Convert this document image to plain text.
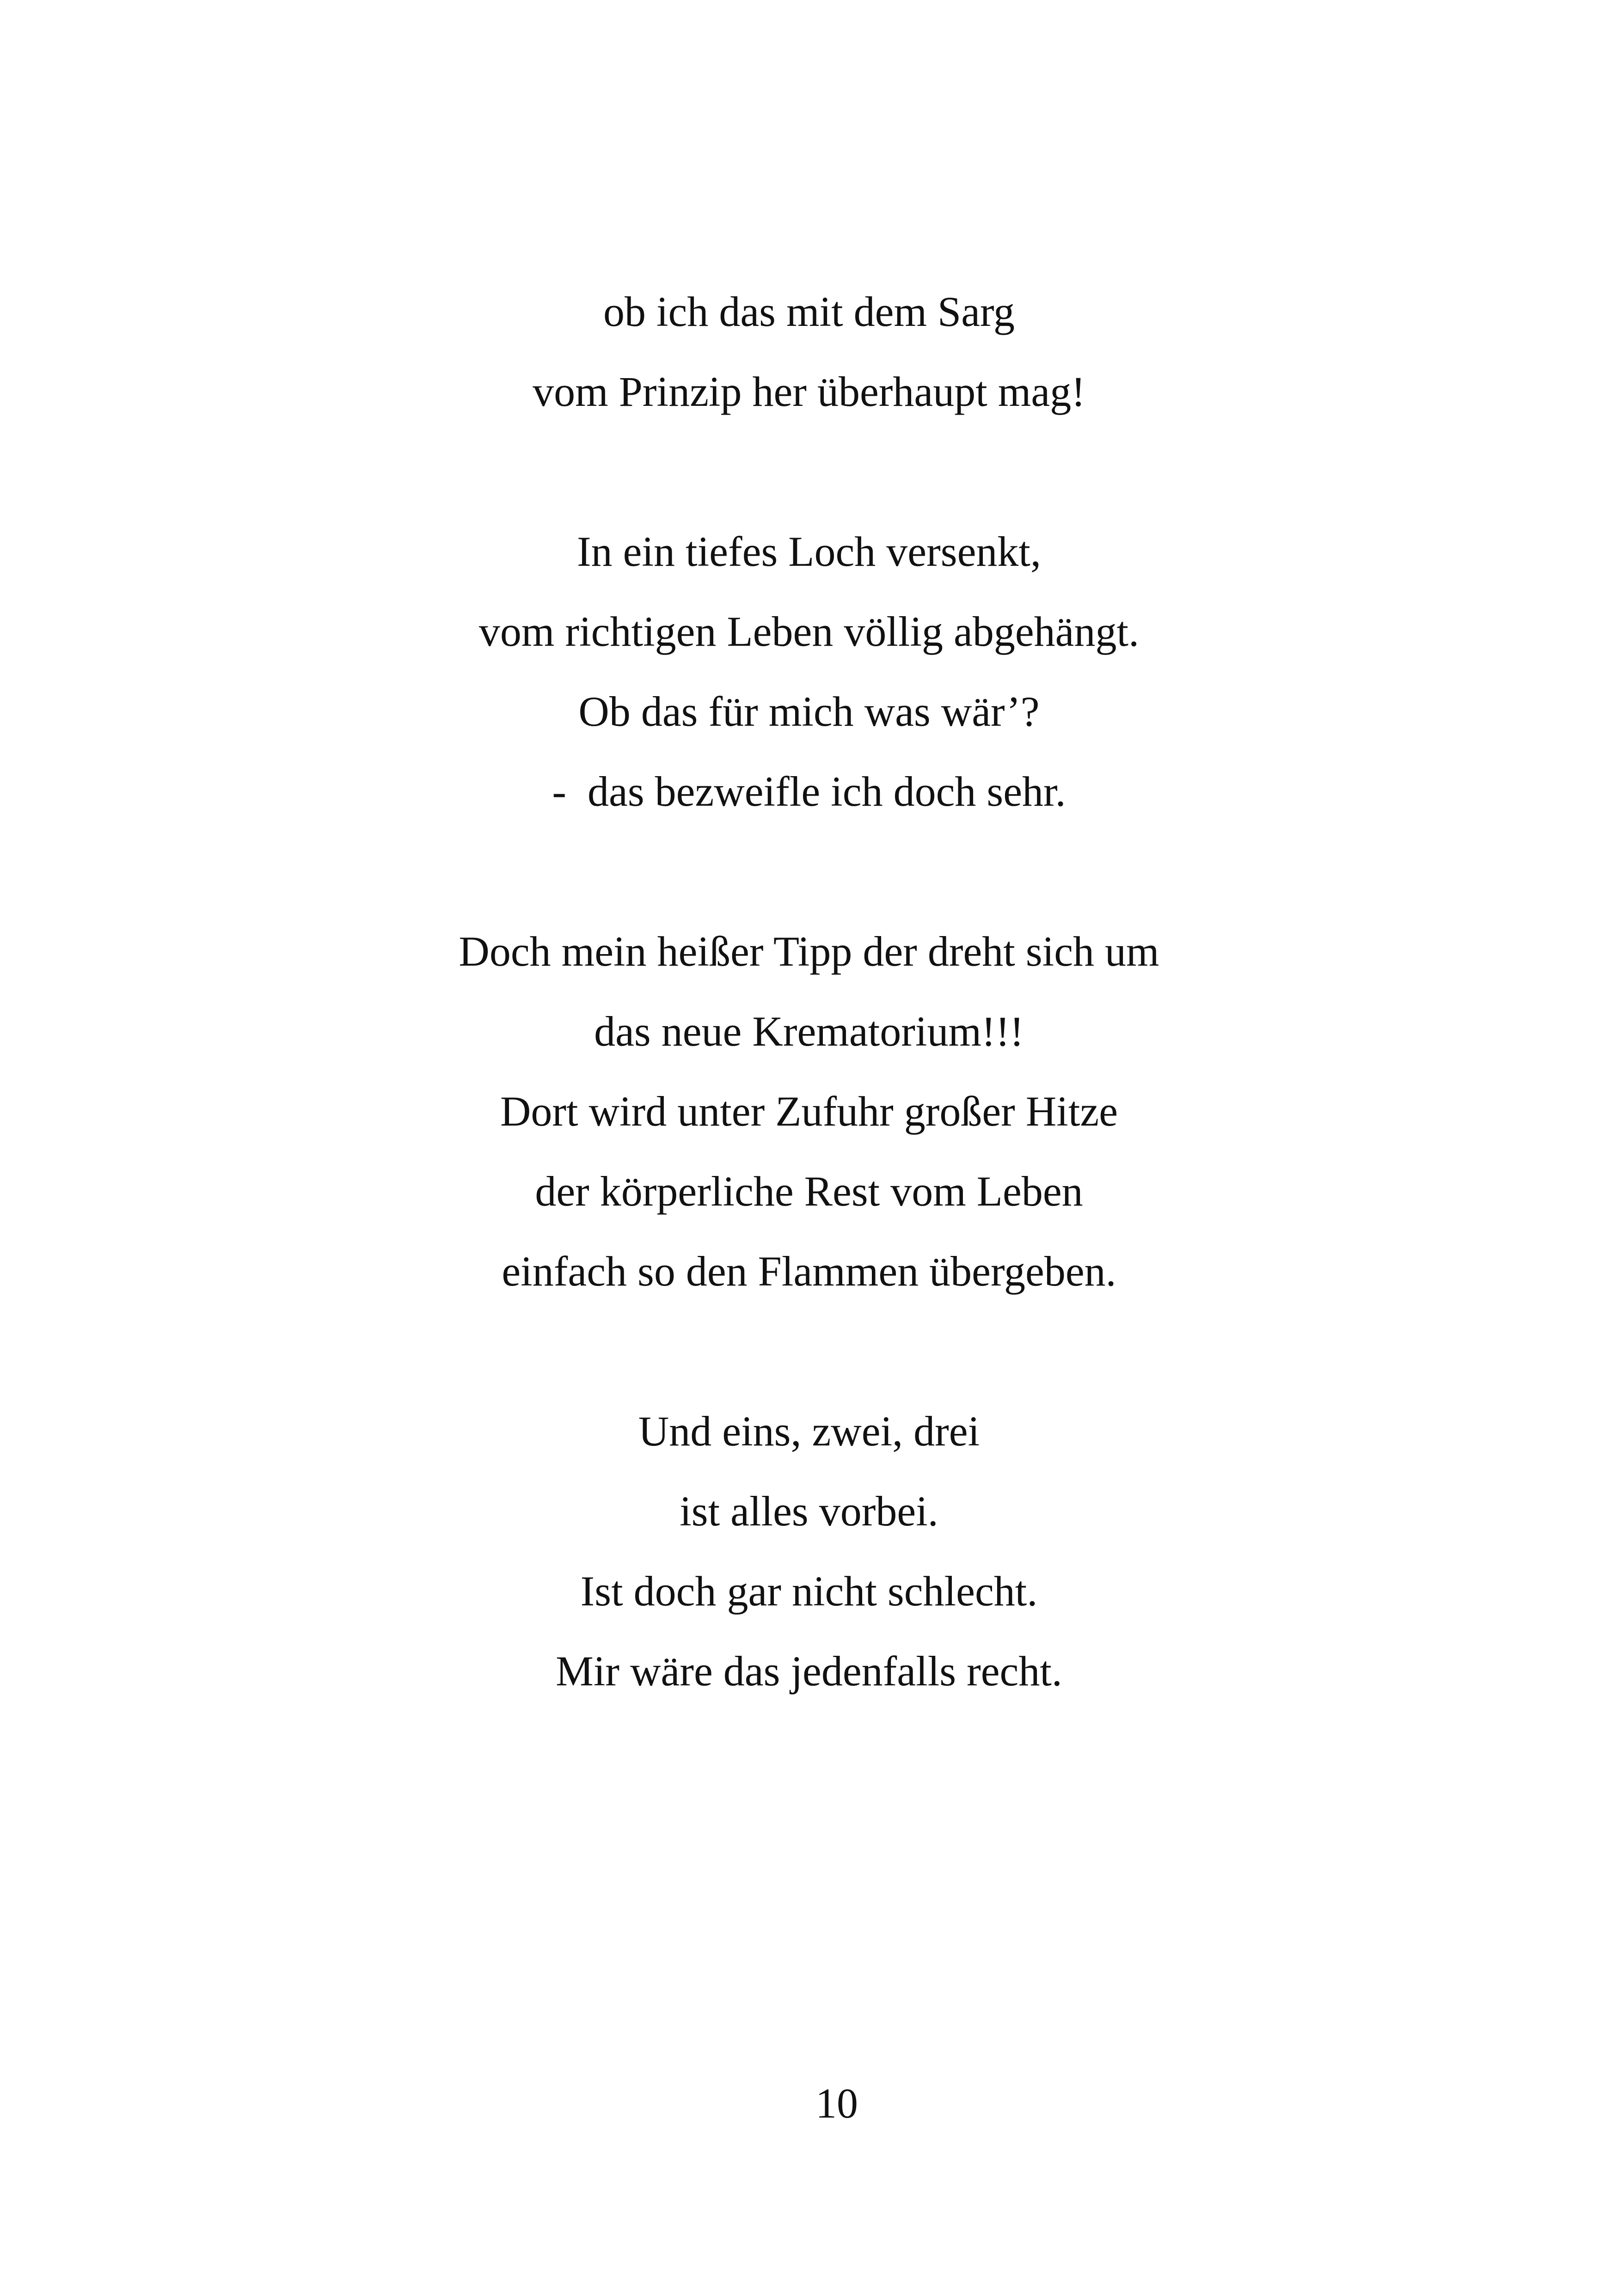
ob ich das mit dem Sarg
vom Prinzip her überhaupt mag!
In ein tiefes Loch versenkt,
vom richtigen Leben völlig abgehängt.
Ob das für mich was wär’?
-  das bezweifle ich doch sehr.
Doch mein heißer Tipp der dreht sich um
das neue Krematorium!!!
Dort wird unter Zufuhr großer Hitze
der körperliche Rest vom Leben
einfach so den Flammen übergeben.
Und eins, zwei, drei
ist alles vorbei.
Ist doch gar nicht schlecht.
Mir wäre das jedenfalls recht.
10
